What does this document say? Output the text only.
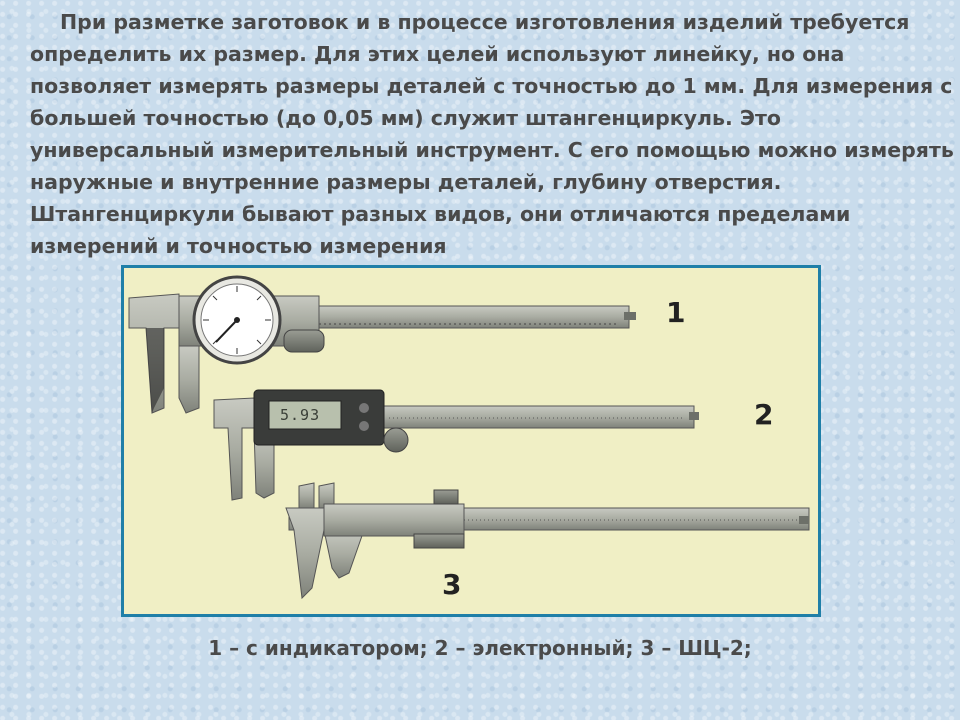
При разметке заготовок и в процессе изготовления изделий требуется определить их размер. Для этих целей используют линейку, но она позволяет измерять размеры деталей с точностью до 1 мм. Для измерения с большей точностью (до 0,05 мм) служит штангенциркуль. Это универсальный измерительный инструмент. С его помощью можно измерять наружные и внутренние размеры деталей, глубину отверстия. Штангенциркули бывают разных видов, они отличаются пределами измерений и точностью измерения

5.93
1
2
3

1 – с индикатором; 2 – электронный; 3 – ШЦ-2;
